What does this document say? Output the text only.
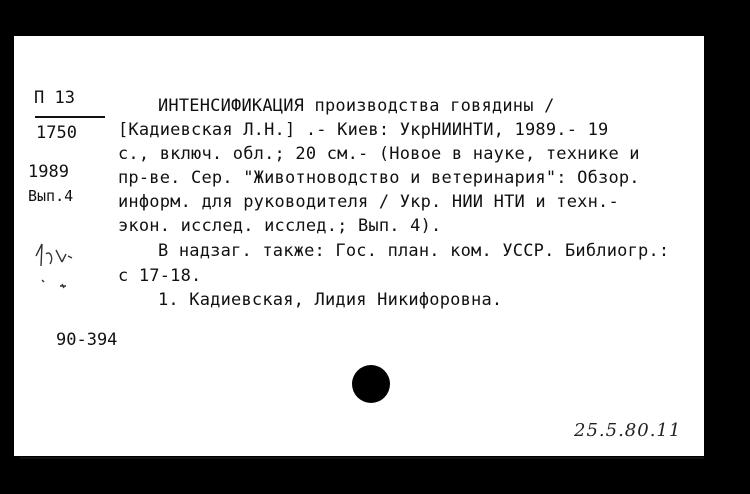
П 13
1750
1989
Вып.4
ИНТЕНСИФИКАЦИЯ производства говядины /
[Кадиевская Л.Н.] .- Киев: УкрНИИНТИ, 1989.- 19
с., включ. обл.; 20 см.- (Новое в науке, технике и
пр-ве. Сер. "Животноводство и ветеринария": Обзор.
информ. для руководителя / Укр. НИИ НТИ и техн.-
экон. исслед. исслед.; Вып. 4).
В надзаг. также: Гос. план. ком. УССР. Библиогр.:
с 17-18.
1. Кадиевская, Лидия Никифоровна.
90-394
25.5.80.11
